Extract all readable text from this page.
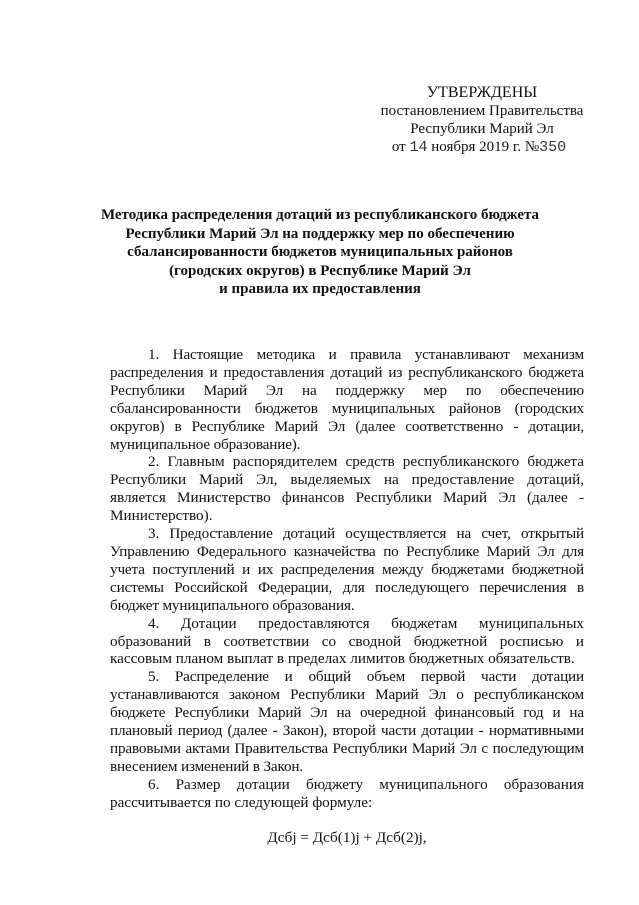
УТВЕРЖДЕНЫ
постановлением Правительства
Республики Марий Эл
от 14 ноября 2019 г. №350
Методика распределения дотаций из республиканского бюджета
Республики Марий Эл на поддержку мер по обеспечению
сбалансированности бюджетов муниципальных районов
(городских округов) в Республике Марий Эл
и правила их предоставления

1. Настоящие методика и правила устанавливают механизм распределения и предоставления дотаций из республиканского бюджета Республики Марий Эл на поддержку мер по обеспечению сбалансированности бюджетов муниципальных районов (городских округов) в Республике Марий Эл (далее соответственно - дотации, муниципальное образование).

2. Главным распорядителем средств республиканского бюджета Республики Марий Эл, выделяемых на предоставление дотаций, является Министерство финансов Республики Марий Эл (далее - Министерство).

3. Предоставление дотаций осуществляется на счет, открытый Управлению Федерального казначейства по Республике Марий Эл для учета поступлений и их распределения между бюджетами бюджетной системы Российской Федерации, для последующего перечисления в бюджет муниципального образования.

4. Дотации предоставляются бюджетам муниципальных образований в соответствии со сводной бюджетной росписью и кассовым планом выплат в пределах лимитов бюджетных обязательств.

5. Распределение и общий объем первой части дотации устанавливаются законом Республики Марий Эл о республиканском бюджете Республики Марий Эл на очередной финансовый год и на плановый период (далее - Закон), второй части дотации - нормативными правовыми актами Правительства Республики Марий Эл с последующим внесением изменений в Закон.

6. Размер дотации бюджету муниципального образования рассчитывается по следующей формуле:

Дсбj = Дсб(1)j + Дсб(2)j,
